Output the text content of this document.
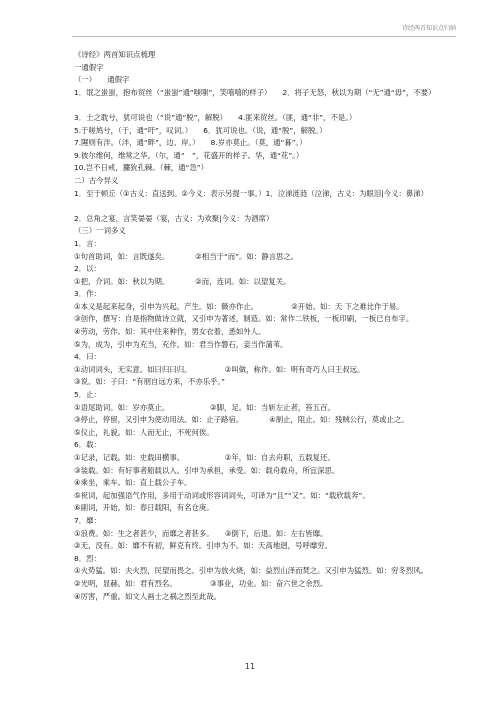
诗经两首知识点归纳

《诗经》两首知识点梳理

一通假字

（一）　　通假字

1．氓之蚩蚩，抱布贸丝（“蚩蚩”通“嗤嗤”，笑嘻嘻的样子）　　2．将子无怒，秋以为期（“无”通“毋”，不要）

3．士之耽兮，犹可说也（“说”通“脱”，解脱）　　4.匪来贸丝。（匪，通“非”，不是。）

5.于嗟鸠兮，（于，通“吁”，叹词。）　　6．犹可说也。（说，通“脱”，解脱。）

7.隰则有泮。（泮，通“畔”，边、岸。）　　8.岁亦莫止。（莫，通“暮”。）

9.彼尔维何，维常之华。（尔，通“　”，花盛开的样子。华，通“花”。）

10.岂不日戒，玁狁孔棘。（棘，通“急”）

二）古今异义

1．至于顿丘（①古义：直送到。②今义：表示另提一事。）1．泣涕涟涟（泣涕，古义：为眼泪|今义：鼻涕）

2．总角之宴，言笑晏晏（宴，古义：为欢聚|今义：为酒席）

（三）一词多义

1．言：

①句首助词，如：言既遂矣。　　　　②相当于“而”。如：静言思之。

2．以：

①把，介词。如：秋以为期。　　　　②而，连词。如：以望复关。

3．作：

①本义是起来起身，引申为兴起，产生。如：薇亦作止。　　　　　②开始。如：天 下之难比作于易。

③创作，撰写：自是指物做诗立就，又引申为著述，制造。如：常作二铁板，一板印刷，一板已自布字。

④劳动，劳作。如：其中往来种作，男女衣着，悉如外人。

⑤为，成为，引申为充当，充作。如：君当作磐石，妾当作蒲苇。

4．曰：

①动词词头，无实意。如曰归曰归。　　　　　②叫做，称作。如：明有奇巧人曰王叔远。

③说。如：子曰：“有朋自远方来，不亦乐乎。”

5．止：

①语尾助词。如：岁亦莫止。　　　　　　②脚，足。如：当斩左止者，笞五百。

③停止，停留，又引申为使动用法。如：止子路宿。　　　　④制止，阻止。如：残贼公行，莫或止之。

⑤仪止，礼貌。如：人而无止，不死何俟。

6．载：

①记录，记载。如：史载田横事。　　　　　　②年，如：自去舟职，五载复还。

③装载。如：有好事者船载以入。引申为承担，承受。如：载舟载舟，所宜深思。

④乘坐，乘车。如：直上载公子车。

⑤祝词，起加强语气作用，多用于动词或形容词词头，可译为“且”“又”。如：“载欣载奔”。

⑥副词，开始。如：春日载阳，有名仓庚。

7．靡：

①浪费。如：生之者甚少，而靡之者甚多。　　③倒下，后退。如：左右皆靡。

②无，没有。如：靡不有初，鲜克有终。引申为不。如：天高地迥，号呼靡穷。

8．烈：

①火势猛。如：夫火烈，民望而畏之。引申为放火烧，如：益烈山泽而焚之。又引申为猛烈。如：穷冬烈风。　　　　②光明，显赫。如：君有烈名。　　　　　③事业，功业。如：奋六世之余烈。

④厉害，严重。如文人画士之祸之烈至此哉。

11
